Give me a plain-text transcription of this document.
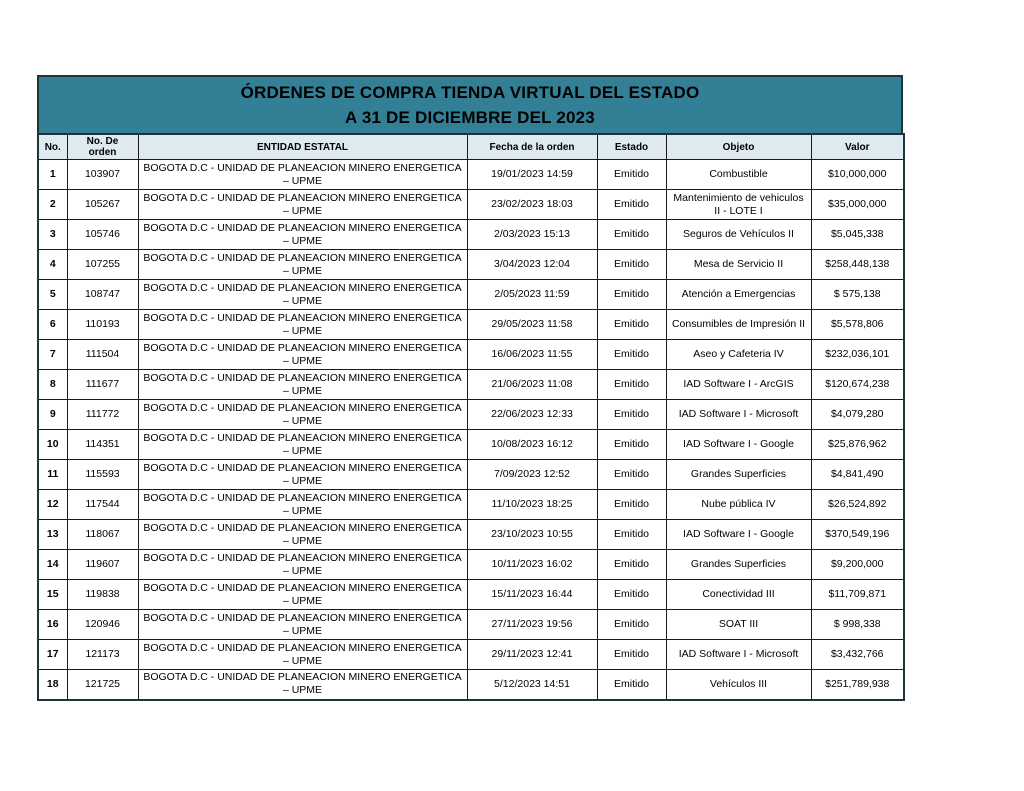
ÓRDENES DE COMPRA TIENDA VIRTUAL DEL ESTADO
A 31 DE DICIEMBRE DEL 2023
No.	No. De orden	ENTIDAD ESTATAL	Fecha de la orden	Estado	Objeto	Valor
1	103907	BOGOTA D.C - UNIDAD DE PLANEACION MINERO ENERGETICA – UPME	19/01/2023 14:59	Emitido	Combustible	$10,000,000
2	105267	BOGOTA D.C - UNIDAD DE PLANEACION MINERO ENERGETICA – UPME	23/02/2023 18:03	Emitido	Mantenimiento de vehiculos II - LOTE I	$35,000,000
3	105746	BOGOTA D.C - UNIDAD DE PLANEACION MINERO ENERGETICA – UPME	2/03/2023 15:13	Emitido	Seguros de Vehículos II	$5,045,338
4	107255	BOGOTA D.C - UNIDAD DE PLANEACION MINERO ENERGETICA – UPME	3/04/2023 12:04	Emitido	Mesa de Servicio II	$258,448,138
5	108747	BOGOTA D.C - UNIDAD DE PLANEACION MINERO ENERGETICA – UPME	2/05/2023 11:59	Emitido	Atención a Emergencias	$ 575,138
6	110193	BOGOTA D.C - UNIDAD DE PLANEACION MINERO ENERGETICA – UPME	29/05/2023 11:58	Emitido	Consumibles de Impresión II	$5,578,806
7	111504	BOGOTA D.C - UNIDAD DE PLANEACION MINERO ENERGETICA – UPME	16/06/2023 11:55	Emitido	Aseo y Cafeteria IV	$232,036,101
8	111677	BOGOTA D.C - UNIDAD DE PLANEACION MINERO ENERGETICA – UPME	21/06/2023 11:08	Emitido	IAD Software I - ArcGIS	$120,674,238
9	111772	BOGOTA D.C - UNIDAD DE PLANEACION MINERO ENERGETICA – UPME	22/06/2023 12:33	Emitido	IAD Software I - Microsoft	$4,079,280
10	114351	BOGOTA D.C - UNIDAD DE PLANEACION MINERO ENERGETICA – UPME	10/08/2023 16:12	Emitido	IAD Software I - Google	$25,876,962
11	115593	BOGOTA D.C - UNIDAD DE PLANEACION MINERO ENERGETICA – UPME	7/09/2023 12:52	Emitido	Grandes Superficies	$4,841,490
12	117544	BOGOTA D.C - UNIDAD DE PLANEACION MINERO ENERGETICA – UPME	11/10/2023 18:25	Emitido	Nube pública IV	$26,524,892
13	118067	BOGOTA D.C - UNIDAD DE PLANEACION MINERO ENERGETICA – UPME	23/10/2023 10:55	Emitido	IAD Software I - Google	$370,549,196
14	119607	BOGOTA D.C - UNIDAD DE PLANEACION MINERO ENERGETICA – UPME	10/11/2023 16:02	Emitido	Grandes Superficies	$9,200,000
15	119838	BOGOTA D.C - UNIDAD DE PLANEACION MINERO ENERGETICA – UPME	15/11/2023 16:44	Emitido	Conectividad III	$11,709,871
16	120946	BOGOTA D.C - UNIDAD DE PLANEACION MINERO ENERGETICA – UPME	27/11/2023 19:56	Emitido	SOAT III	$ 998,338
17	121173	BOGOTA D.C - UNIDAD DE PLANEACION MINERO ENERGETICA – UPME	29/11/2023 12:41	Emitido	IAD Software I - Microsoft	$3,432,766
18	121725	BOGOTA D.C - UNIDAD DE PLANEACION MINERO ENERGETICA – UPME	5/12/2023 14:51	Emitido	Vehículos III	$251,789,938
